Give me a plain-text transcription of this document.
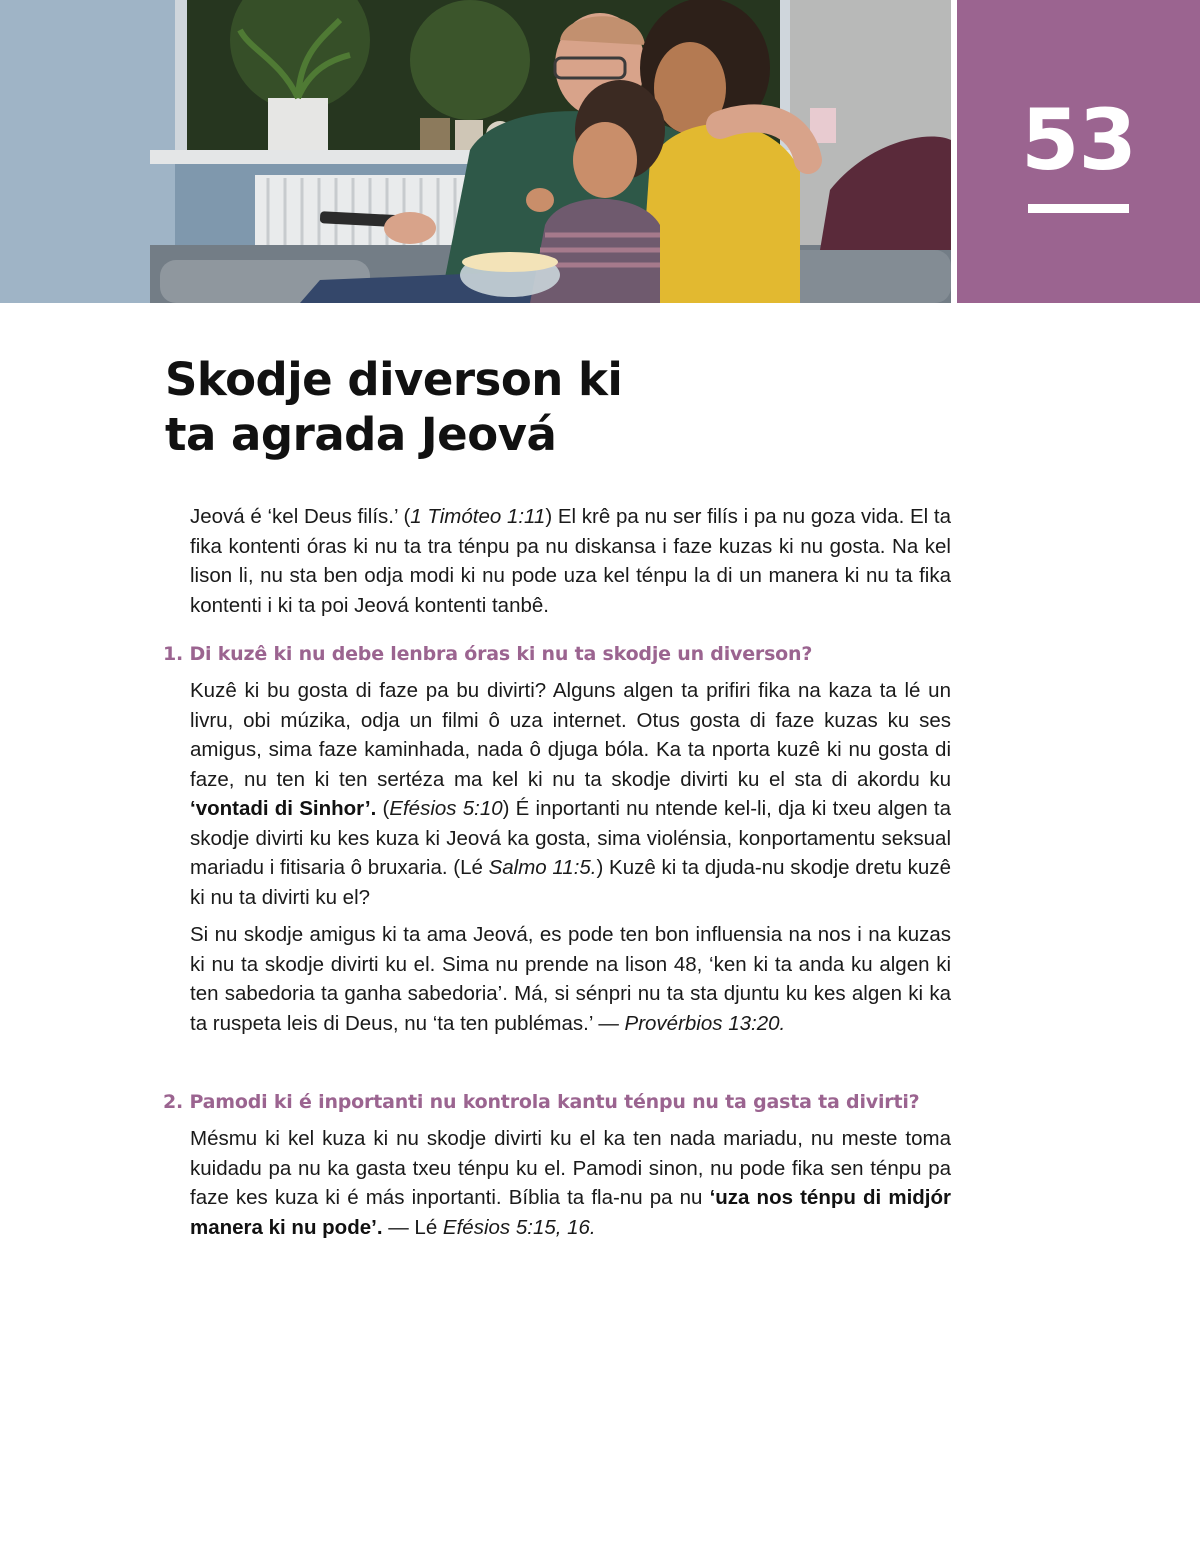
53
Skodje diverson ki
ta agrada Jeová

Jeová é ‘kel Deus filís.’ (1 Timóteo 1:11) El krê pa nu ser filís i pa nu goza vida. El ta fika kontenti óras ki nu ta tra ténpu pa nu diskansa i faze kuzas ki nu gosta. Na kel lison li, nu sta ben odja modi ki nu pode uza kel ténpu la di un manera ki nu ta fika kontenti i ki ta poi Jeová kontenti tanbê.

1. Di kuzê ki nu debe lenbra óras ki nu ta skodje un diverson?

Kuzê ki bu gosta di faze pa bu divirti? Alguns algen ta prifiri fika na kaza ta lé un livru, obi múzika, odja un filmi ô uza internet. Otus gosta di faze kuzas ku ses amigus, sima faze kaminhada, nada ô djuga bóla. Ka ta nporta kuzê ki nu gosta di faze, nu ten ki ten sertéza ma kel ki nu ta skodje divirti ku el sta di akordu ku ‘vontadi di Sinhor’. (Efésios 5:10) É inportanti nu ntende kel-li, dja ki txeu algen ta skodje divirti ku kes kuza ki Jeová ka gosta, sima violénsia, konportamentu seksual mariadu i fitisaria ô bruxaria. (Lé Salmo 11:5.) Kuzê ki ta djuda-nu skodje dretu kuzê ki nu ta divirti ku el?

Si nu skodje amigus ki ta ama Jeová, es pode ten bon influensia na nos i na kuzas ki nu ta skodje divirti ku el. Sima nu prende na lison 48, ‘ken ki ta anda ku algen ki ten sabedoria ta ganha sabedoria’. Má, si sénpri nu ta sta djuntu ku kes algen ki ka ta ruspeta leis di Deus, nu ‘ta ten publémas.’ — Provérbios 13:20.

2. Pamodi ki é inportanti nu kontrola kantu ténpu nu ta gasta ta divirti?

Mésmu ki kel kuza ki nu skodje divirti ku el ka ten nada mariadu, nu meste toma kuidadu pa nu ka gasta txeu ténpu ku el. Pamodi sinon, nu pode fika sen ténpu pa faze kes kuza ki é más inportanti. Bíblia ta fla-nu pa nu ‘uza nos ténpu di midjór manera ki nu pode’. — Lé Efésios 5:15, 16.
